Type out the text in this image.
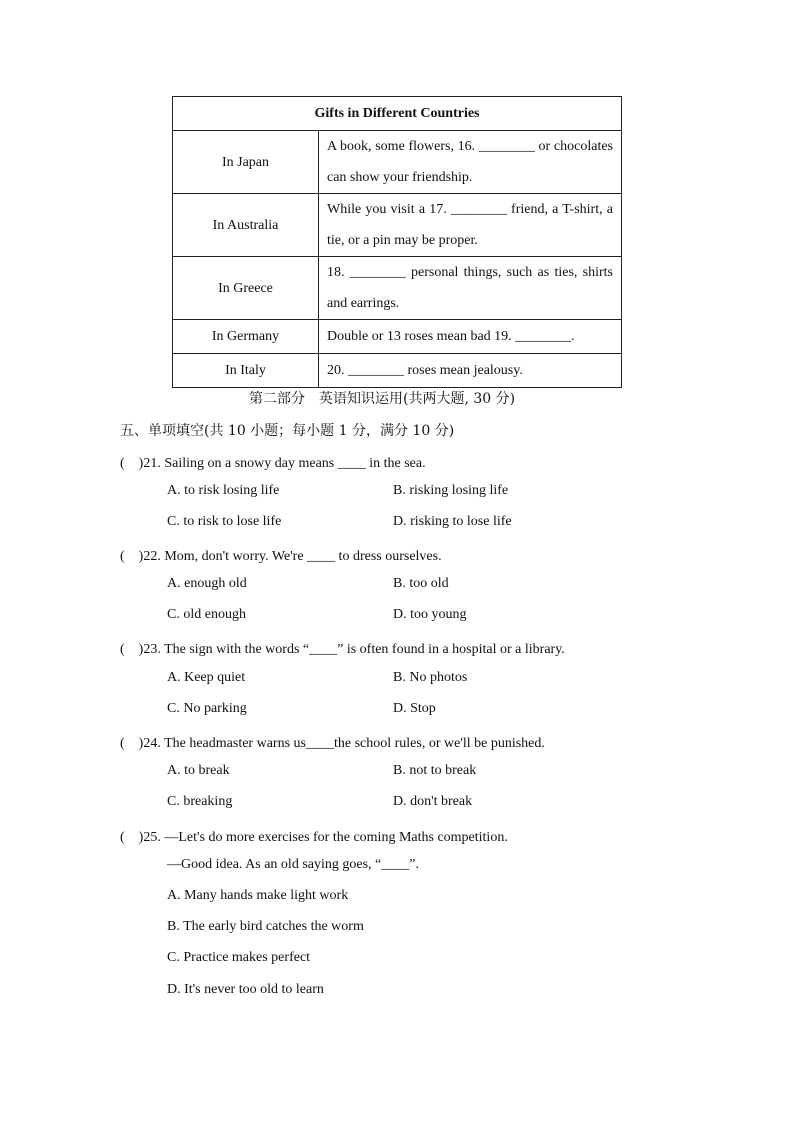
Gifts in Different Countries	
In Japan	A book, some flowers, 16. ________ or chocolates can show your friendship.
In Australia	While you visit a 17. ________ friend, a T-shirt, a tie, or a pin may be proper.
In Greece	18. ________ personal things, such as ties, shirts and earrings.
In Germany	Double or 13 roses mean bad 19. ________.
In Italy	20. ________ roses mean jealousy.
第二部分　英语知识运用(共两大题, 30 分)
五、单项填空(共 10 小题；每小题 1 分，满分 10 分)
(　)21. Sailing on a snowy day means ____ in the sea.
A. to risk losing life	B. risking losing life
C. to risk to lose life	D. risking to lose life
(　)22. Mom, don't worry. We're ____ to dress ourselves.
A. enough old	B. too old
C. old enough	D. too young
(　)23. The sign with the words “____” is often found in a hospital or a library.
A. Keep quiet	B. No photos
C. No parking	D. Stop
(　)24. The headmaster warns us____the school rules, or we'll be punished.
A. to break	B. not to break
C. breaking	D. don't break
(　)25. —Let's do more exercises for the coming Maths competition.
—Good idea. As an old saying goes, “____”.
A. Many hands make light work
B. The early bird catches the worm
C. Practice makes perfect
D. It's never too old to learn
